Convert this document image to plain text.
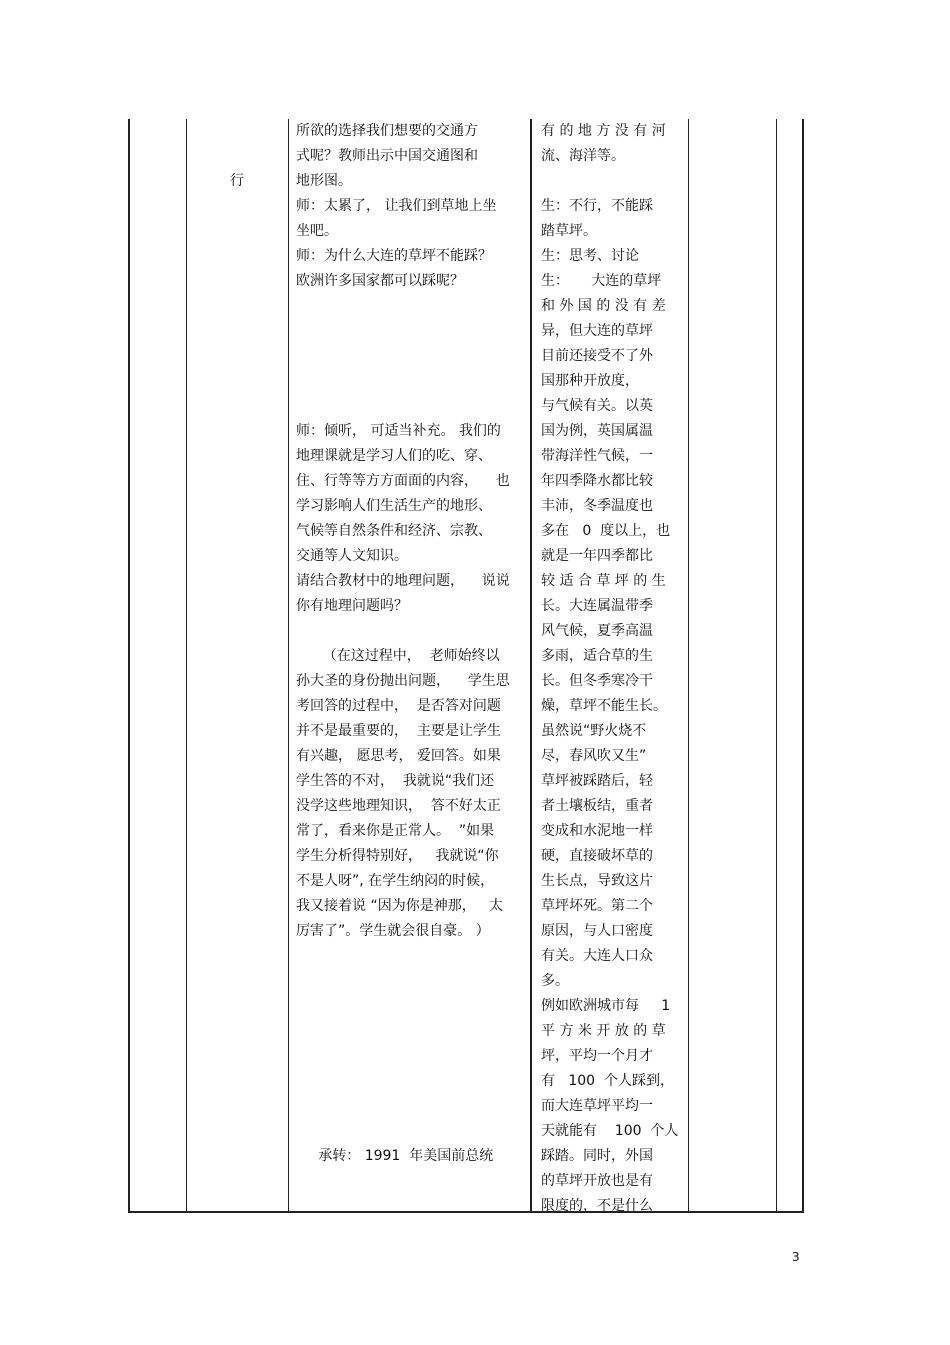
行
所欲的选择我们想要的交通方
式呢？教师出示中国交通图和
地形图。
师：太累了， 让我们到草地上坐
坐吧。
师：为什么大连的草坪不能踩？
欧洲许多国家都可以踩呢？
师：倾听， 可适当补充。 我们的
地理课就是学习人们的吃、穿、
住、行等等方方面面的内容，    也
学习影响人们生活生产的地形、
气候等自然条件和经济、宗教、
交通等人文知识。
请结合教材中的地理问题，    说说
你有地理问题吗？
（在这过程中，  老师始终以
孙大圣的身份抛出问题，    学生思
考回答的过程中，  是否答对问题
并不是最重要的，  主要是让学生
有兴趣， 愿思考， 爱回答。如果
学生答的不对，  我就说“我们还
没学这些地理知识，  答不好太正
常了，看来你是正常人。  ”如果
学生分析得特别好，   我就说“你
不是人呀”, 在学生纳闷的时候，
我又接着说 “因为你是神那，   太
厉害了”。学生就会很自豪。 ）
承转： 1991  年美国前总统
有 的 地 方 没 有 河
流、海洋等。
生：不行，不能踩
踏草坪。
生：思考、讨论
生：     大连的草坪
和 外 国 的 没 有 差
异，但大连的草坪
目前还接受不了外
国那种开放度，
与气候有关。以英
国为例，英国属温
带海洋性气候，一
年四季降水都比较
丰沛，冬季温度也
多在   0  度以上，也
就是一年四季都比
较 适 合 草 坪 的 生
长。大连属温带季
风气候，夏季高温
多雨，适合草的生
长。但冬季寒冷干
燥，草坪不能生长。
虽然说“野火烧不
尽，春风吹又生”
草坪被踩踏后，轻
者土壤板结，重者
变成和水泥地一样
硬，直接破坏草的
生长点，导致这片
草坪坏死。第二个
原因，与人口密度
有关。大连人口众
多。
例如欧洲城市每     1
平 方 米 开 放 的 草
坪，平均一个月才
有   100  个人踩到，
而大连草坪平均一
天就能有    100  个人
踩踏。同时，外国
的草坪开放也是有
限度的，不是什么
3
